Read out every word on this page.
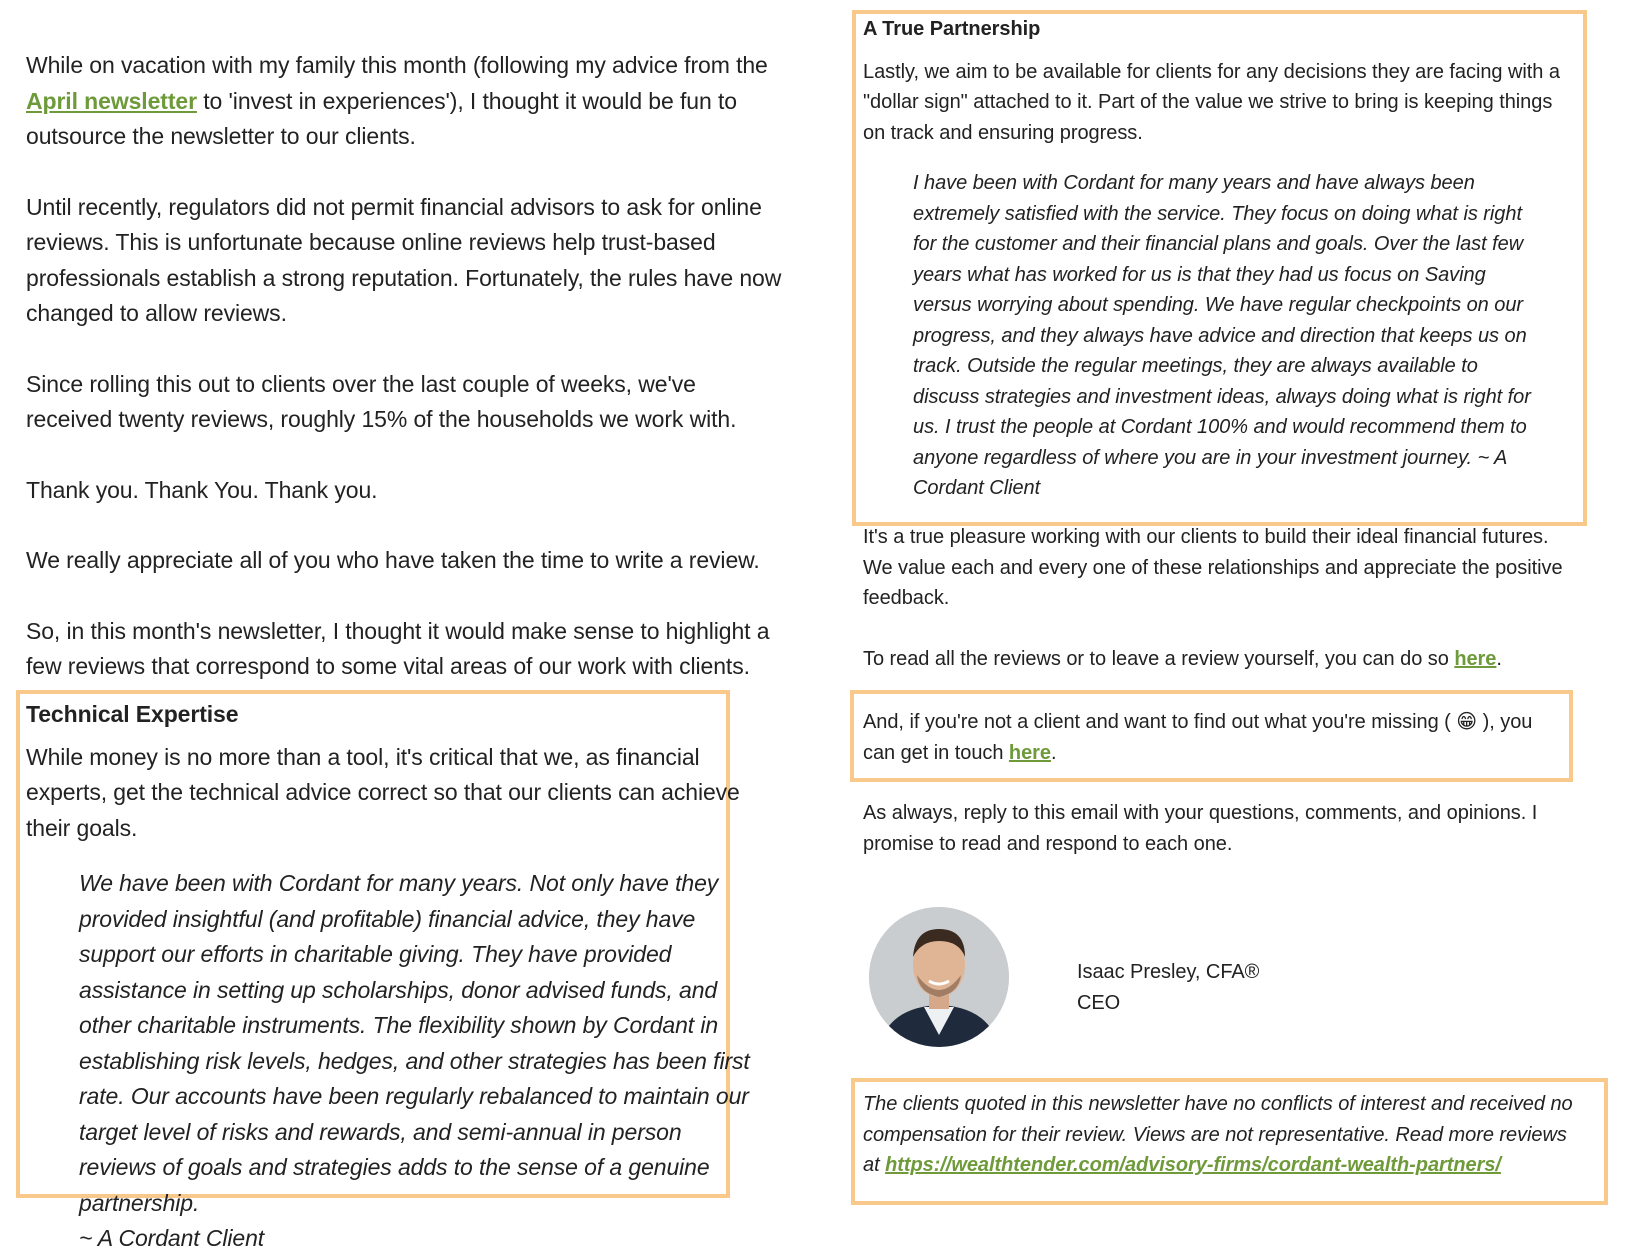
While on vacation with my family this month (following my advice from the April newsletter to 'invest in experiences'), I thought it would be fun to outsource the newsletter to our clients.

Until recently, regulators did not permit financial advisors to ask for online reviews. This is unfortunate because online reviews help trust-based professionals establish a strong reputation. Fortunately, the rules have now changed to allow reviews.

Since rolling this out to clients over the last couple of weeks, we've received twenty reviews, roughly 15% of the households we work with.

Thank you. Thank You. Thank you.

We really appreciate all of you who have taken the time to write a review.

So, in this month's newsletter, I thought it would make sense to highlight a few reviews that correspond to some vital areas of our work with clients.

Technical Expertise

While money is no more than a tool, it's critical that we, as financial experts, get the technical advice correct so that our clients can achieve their goals.

We have been with Cordant for many years. Not only have they provided insightful (and profitable) financial advice, they have support our efforts in charitable giving. They have provided assistance in setting up scholarships, donor advised funds, and other charitable instruments. The flexibility shown by Cordant in establishing risk levels, hedges, and other strategies has been first rate. Our accounts have been regularly rebalanced to maintain our target level of risks and rewards, and semi-annual in person reviews of goals and strategies adds to the sense of a genuine partnership.
~ A Cordant Client
A True Partnership

Lastly, we aim to be available for clients for any decisions they are facing with a "dollar sign" attached to it. Part of the value we strive to bring is keeping things on track and ensuring progress.

I have been with Cordant for many years and have always been extremely satisfied with the service. They focus on doing what is right for the customer and their financial plans and goals. Over the last few years what has worked for us is that they had us focus on Saving versus worrying about spending. We have regular checkpoints on our progress, and they always have advice and direction that keeps us on track. Outside the regular meetings, they are always available to discuss strategies and investment ideas, always doing what is right for us. I trust the people at Cordant 100% and would recommend them to anyone regardless of where you are in your investment journey. ~ A Cordant Client

It's a true pleasure working with our clients to build their ideal financial futures. We value each and every one of these relationships and appreciate the positive feedback.

To read all the reviews or to leave a review yourself, you can do so here.

And, if you're not a client and want to find out what you're missing ( 😁 ), you can get in touch here.

As always, reply to this email with your questions, comments, and opinions. I promise to read and respond to each one.

Isaac Presley, CFA®
CEO

The clients quoted in this newsletter have no conflicts of interest and received no compensation for their review. Views are not representative. Read more reviews at https://wealthtender.com/advisory-firms/cordant-wealth-partners/
